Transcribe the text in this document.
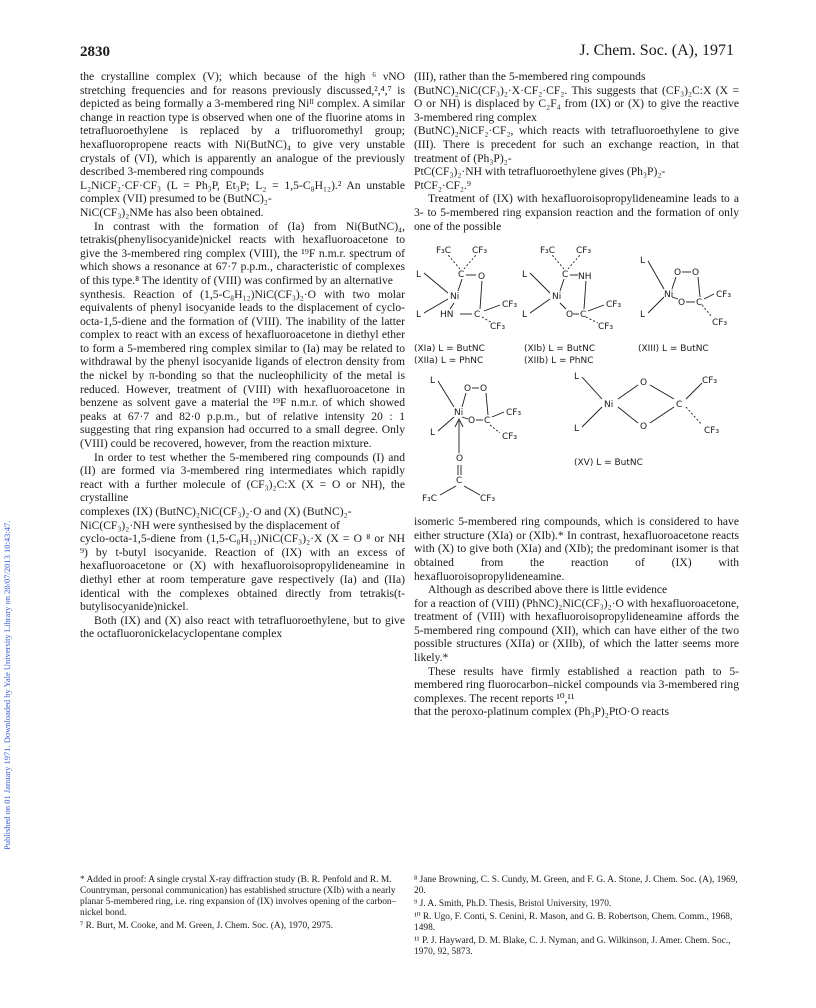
Published on 01 January 1971. Downloaded by Yale University Library on 20/07/2013 10:43:47.
2830	J. Chem. Soc. (A), 1971

the crystalline complex (V); which because of the high ⁶ νNO stretching frequencies and for reasons previously discussed,²,⁴,⁷ is depicted as being formally a 3-membered ring Niᴵᴵ complex. A similar change in reaction type is observed when one of the fluorine atoms in tetrafluoroethylene is replaced by a trifluoromethyl group; hexafluoropropene reacts with Ni(ButNC)₄ to give very unstable crystals of (VI), which is apparently an analogue of the previously described 3-membered ring compounds

L₂NiCF₂·CF·CF₃ (L = Ph₃P, Et₃P; L₂ = 1,5-C₈H₁₂).² An unstable complex (VII) presumed to be (ButNC)₂-

NiC(CF₃)₂NMe has also been obtained.

In contrast with the formation of (Ia) from Ni(ButNC)₄, tetrakis(phenylisocyanide)nickel reacts with hexafluoroacetone to give the 3-membered ring complex (VIII), the ¹⁹F n.m.r. spectrum of which shows a resonance at 67·7 p.p.m., characteristic of complexes of this type.⁸ The identity of (VIII) was confirmed by an alternative

synthesis. Reaction of (1,5-C₈H₁₂)NiC(CF₃)₂·O with two molar equivalents of phenyl isocyanide leads to the displacement of cyclo-octa-1,5-diene and the formation of (VIII). The inability of the latter complex to react with an excess of hexafluoroacetone in diethyl ether to form a 5-membered ring complex similar to (Ia) may be related to withdrawal by the phenyl isocyanide ligands of electron density from the nickel by π-bonding so that the nucleophilicity of the metal is reduced. However, treatment of (VIII) with hexafluoroacetone in benzene as solvent gave a material the ¹⁹F n.m.r. of which showed peaks at 67·7 and 82·0 p.p.m., but of relative intensity 20 : 1 suggesting that ring expansion had occurred to a small degree. Only (VIII) could be recovered, however, from the reaction mixture.

In order to test whether the 5-membered ring compounds (I) and (II) are formed via 3-membered ring intermediates which rapidly react with a further molecule of (CF₃)₂C:X (X = O or NH), the crystalline

complexes (IX) (ButNC)₂NiC(CF₃)₂·O and (X) (ButNC)₂-

NiC(CF₃)₂·NH were synthesised by the displacement of

cyclo-octa-1,5-diene from (1,5-C₈H₁₂)NiC(CF₃)₂·X (X = O ⁸ or NH ⁹) by t-butyl isocyanide. Reaction of (IX) with an excess of hexafluoroacetone or (X) with hexafluoroisopropylideneamine in diethyl ether at room temperature gave respectively (Ia) and (IIa) identical with the complexes obtained directly from tetrakis(t-butylisocyanide)nickel.

Both (IX) and (X) also react with tetrafluoroethylene, but to give the octafluoronickelacyclopentane complex

(III), rather than the 5-membered ring compounds

(ButNC)₂NiC(CF₃)₂·X·CF₂·CF₂. This suggests that (CF₃)₂C:X (X = O or NH) is displaced by C₂F₄ from (IX) or (X) to give the reactive 3-membered ring complex

(ButNC)₂NiCF₂·CF₂, which reacts with tetrafluoroethylene to give (III). There is precedent for such an exchange reaction, in that treatment of (Ph₃P)₂-

PtC(CF₃)₂·NH with tetrafluoroethylene gives (Ph₃P)₂-

PtCF₂·CF₂.⁹

Treatment of (IX) with hexafluoroisopropylideneamine leads to a 3- to 5-membered ring expansion reaction and the formation of only one of the possible

F₃C CF₃
L
L
Ni
C O
HN C
CF₃
CF₃
F₃C CF₃
L
L
Ni
C NH
O C
CF₃
CF₃
L
L
Ni
O O
O C
CF₃
CF₃
(XIa) L = ButNC
(XIIa) L = PhNC
(XIb) L = ButNC
(XIIb) L = PhNC
(XIII) L = ButNC
L
L
Ni
O O
O C
CF₃
CF₃
O
C
F₃C	CF₃
L
L
Ni
O
O
C
CF₃
CF₃
(XV) L = ButNC

isomeric 5-membered ring compounds, which is considered to have either structure (XIa) or (XIb).* In contrast, hexafluoroacetone reacts with (X) to give both (XIa) and (XIb); the predominant isomer is that obtained from the reaction of (IX) with hexafluoroisopropylideneamine.

Although as described above there is little evidence

for a reaction of (VIII) (PhNC)₂NiC(CF₃)₂·O with hexafluoroacetone, treatment of (VIII) with hexafluoroisopropylideneamine affords the 5-membered ring compound (XII), which can have either of the two possible structures (XIIa) or (XIIb), of which the latter seems more likely.*

These results have firmly established a reaction path to 5-membered ring fluorocarbon–nickel compounds via 3-membered ring complexes. The recent reports ¹⁰,¹¹

that the peroxo-platinum complex (Ph₃P)₂PtO·O reacts

* Added in proof: A single crystal X-ray diffraction study (B. R. Penfold and R. M. Countryman, personal communication) has established structure (XIb) with a nearly planar 5-membered ring, i.e. ring expansion of (IX) involves opening of the carbon–nickel bond.

⁷ R. Burt, M. Cooke, and M. Green, J. Chem. Soc. (A), 1970, 2975.

⁸ Jane Browning, C. S. Cundy, M. Green, and F. G. A. Stone, J. Chem. Soc. (A), 1969, 20.

⁹ J. A. Smith, Ph.D. Thesis, Bristol University, 1970.

¹⁰ R. Ugo, F. Conti, S. Cenini, R. Mason, and G. B. Robertson, Chem. Comm., 1968, 1498.

¹¹ P. J. Hayward, D. M. Blake, C. J. Nyman, and G. Wilkinson, J. Amer. Chem. Soc., 1970, 92, 5873.
